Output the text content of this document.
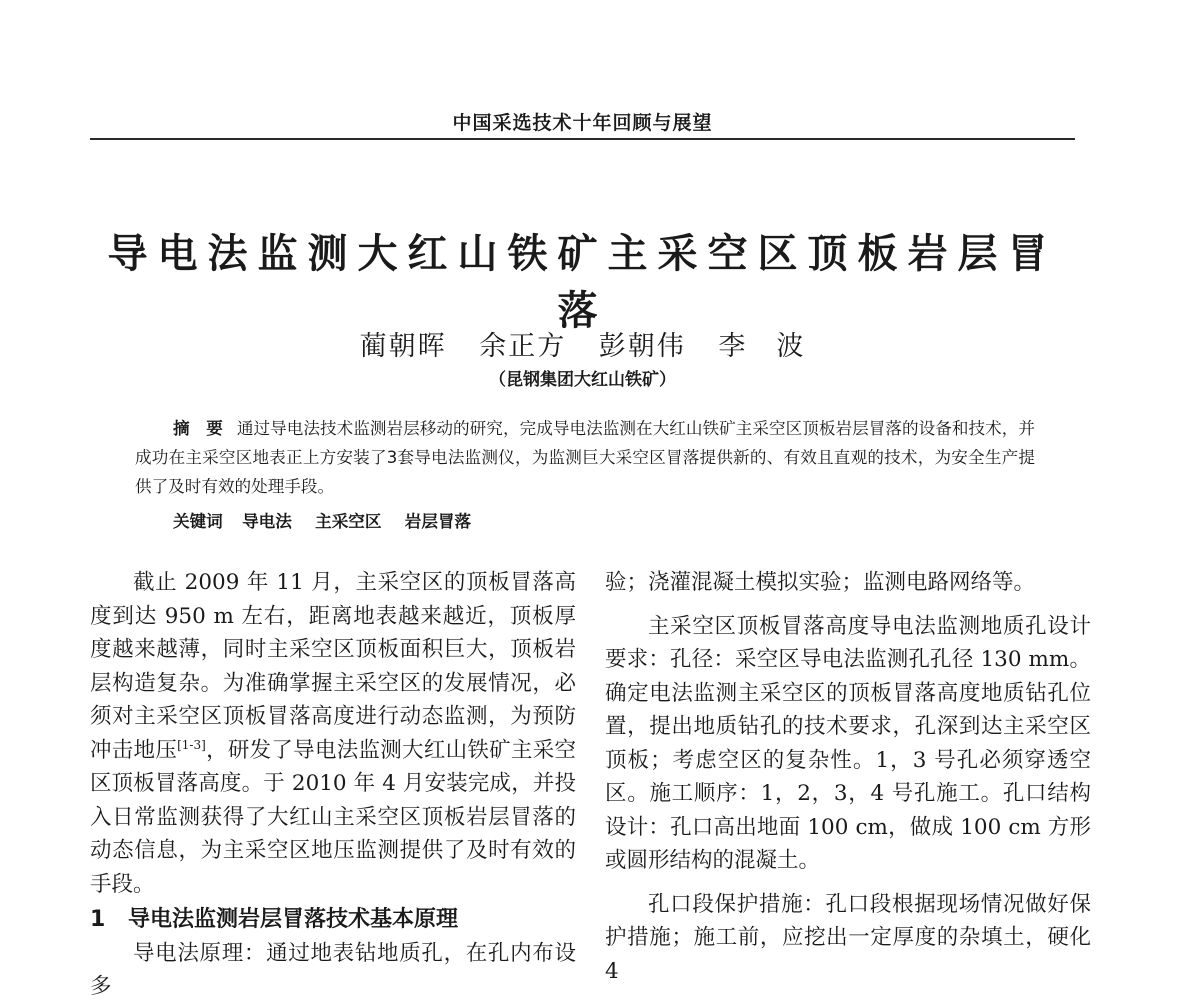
中国采选技术十年回顾与展望
导电法监测大红山铁矿主采空区顶板岩层冒落
蔺朝晖 余正方 彭朝伟 李　波
（昆钢集团大红山铁矿）
摘　要 通过导电法技术监测岩层移动的研究，完成导电法监测在大红山铁矿主采空区顶板岩层冒落的设备和技术，并成功在主采空区地表正上方安装了3套导电法监测仪，为监测巨大采空区冒落提供新的、有效且直观的技术，为安全生产提供了及时有效的处理手段。
关键词 导电法 主采空区 岩层冒落

截止 2009 年 11 月，主采空区的顶板冒落高度到达 950 m 左右，距离地表越来越近，顶板厚度越来越薄，同时主采空区顶板面积巨大，顶板岩层构造复杂。为准确掌握主采空区的发展情况，必须对主采空区顶板冒落高度进行动态监测，为预防冲击地压[1-3]，研发了导电法监测大红山铁矿主采空区顶板冒落高度。于 2010 年 4 月安装完成，并投入日常监测获得了大红山主采空区顶板岩层冒落的动态信息，为主采空区地压监测提供了及时有效的手段。

1 导电法监测岩层冒落技术基本原理

导电法原理：通过地表钻地质孔，在孔内布设多

验；浇灌混凝土模拟实验；监测电路网络等。

主采空区顶板冒落高度导电法监测地质孔设计要求：孔径：采空区导电法监测孔孔径 130 mm。确定电法监测主采空区的顶板冒落高度地质钻孔位置，提出地质钻孔的技术要求，孔深到达主采空区顶板；考虑空区的复杂性。1，3 号孔必须穿透空区。施工顺序：1，2，3，4 号孔施工。孔口结构设计：孔口高出地面 100 cm，做成 100 cm 方形或圆形结构的混凝土。

孔口段保护措施：孔口段根据现场情况做好保护措施；施工前，应挖出一定厚度的杂填土，硬化 4
